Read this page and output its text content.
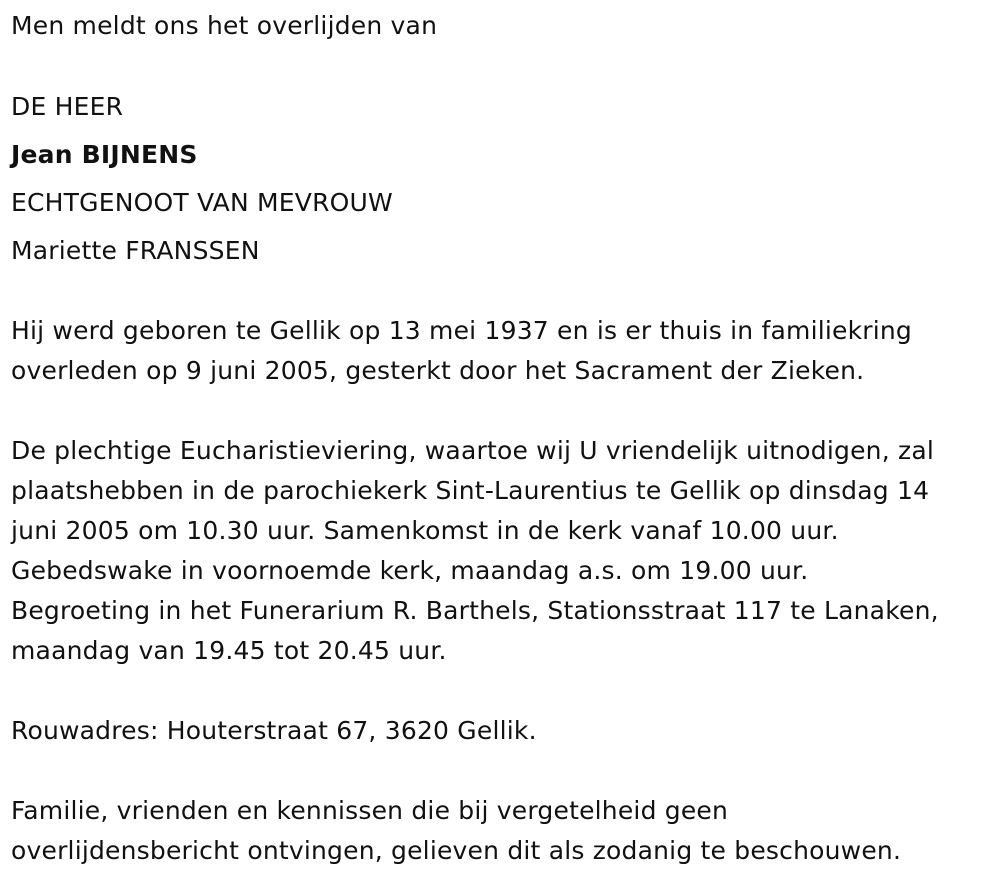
Men meldt ons het overlijden van
DE HEER
Jean BIJNENS
ECHTGENOOT VAN MEVROUW
Mariette FRANSSEN
Hij werd geboren te Gellik op 13 mei 1937 en is er thuis in familiekring
overleden op 9 juni 2005, gesterkt door het Sacrament der Zieken.
De plechtige Eucharistieviering, waartoe wij U vriendelijk uitnodigen, zal
plaatshebben in de parochiekerk Sint-Laurentius te Gellik op dinsdag 14
juni 2005 om 10.30 uur. Samenkomst in de kerk vanaf 10.00 uur.
Gebedswake in voornoemde kerk, maandag a.s. om 19.00 uur.
Begroeting in het Funerarium R. Barthels, Stationsstraat 117 te Lanaken,
maandag van 19.45 tot 20.45 uur.
Rouwadres: Houterstraat 67, 3620 Gellik.
Familie, vrienden en kennissen die bij vergetelheid geen
overlijdensbericht ontvingen, gelieven dit als zodanig te beschouwen.
